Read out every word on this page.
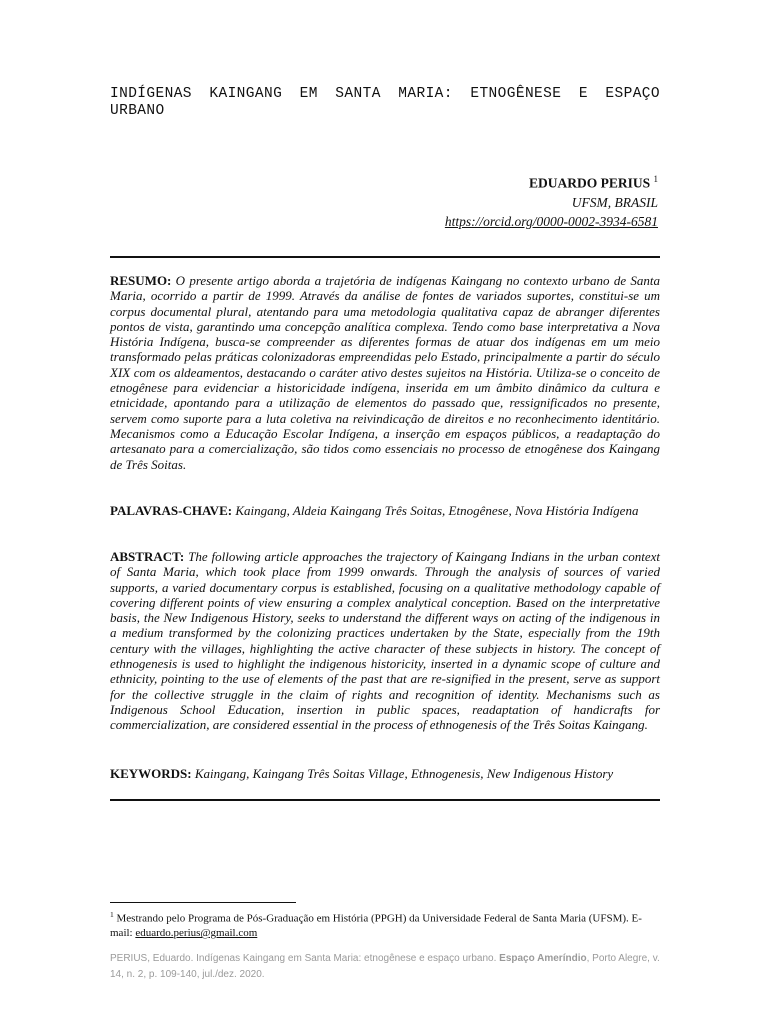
INDÍGENAS KAINGANG EM SANTA MARIA: ETNOGÊNESE E ESPAÇO URBANO
EDUARDO PERIUS $^1$
UFSM, BRASIL
https://orcid.org/0000-0002-3934-6581

RESUMO: O presente artigo aborda a trajetória de indígenas Kaingang no contexto urbano de Santa Maria, ocorrido a partir de 1999. Através da análise de fontes de variados suportes, constitui-se um corpus documental plural, atentando para uma metodologia qualitativa capaz de abranger diferentes pontos de vista, garantindo uma concepção analítica complexa. Tendo como base interpretativa a Nova História Indígena, busca-se compreender as diferentes formas de atuar dos indígenas em um meio transformado pelas práticas colonizadoras empreendidas pelo Estado, principalmente a partir do século XIX com os aldeamentos, destacando o caráter ativo destes sujeitos na História. Utiliza-se o conceito de etnogênese para evidenciar a historicidade indígena, inserida em um âmbito dinâmico da cultura e etnicidade, apontando para a utilização de elementos do passado que, ressignificados no presente, servem como suporte para a luta coletiva na reivindicação de direitos e no reconhecimento identitário. Mecanismos como a Educação Escolar Indígena, a inserção em espaços públicos, a readaptação do artesanato para a comercialização, são tidos como essenciais no processo de etnogênese dos Kaingang de Três Soitas.

PALAVRAS-CHAVE: Kaingang, Aldeia Kaingang Três Soitas, Etnogênese, Nova História Indígena

ABSTRACT: The following article approaches the trajectory of Kaingang Indians in the urban context of Santa Maria, which took place from 1999 onwards. Through the analysis of sources of varied supports, a varied documentary corpus is established, focusing on a qualitative methodology capable of covering different points of view ensuring a complex analytical conception. Based on the interpretative basis, the New Indigenous History, seeks to understand the different ways on acting of the indigenous in a medium transformed by the colonizing practices undertaken by the State, especially from the 19th century with the villages, highlighting the active character of these subjects in history. The concept of ethnogenesis is used to highlight the indigenous historicity, inserted in a dynamic scope of culture and ethnicity, pointing to the use of elements of the past that are re-signified in the present, serve as support for the collective struggle in the claim of rights and recognition of identity. Mechanisms such as Indigenous School Education, insertion in public spaces, readaptation of handicrafts for commercialization, are considered essential in the process of ethnogenesis of the Três Soitas Kaingang.

KEYWORDS: Kaingang, Kaingang Três Soitas Village, Ethnogenesis, New Indigenous History

$^1$ Mestrando pelo Programa de Pós-Graduação em História (PPGH) da Universidade Federal de Santa Maria (UFSM). E-mail: eduardo.perius@gmail.com
PERIUS, Eduardo. Indígenas Kaingang em Santa Maria: etnogênese e espaço urbano. Espaço Ameríndio, Porto Alegre, v. 14, n. 2, p. 109-140, jul./dez. 2020.
